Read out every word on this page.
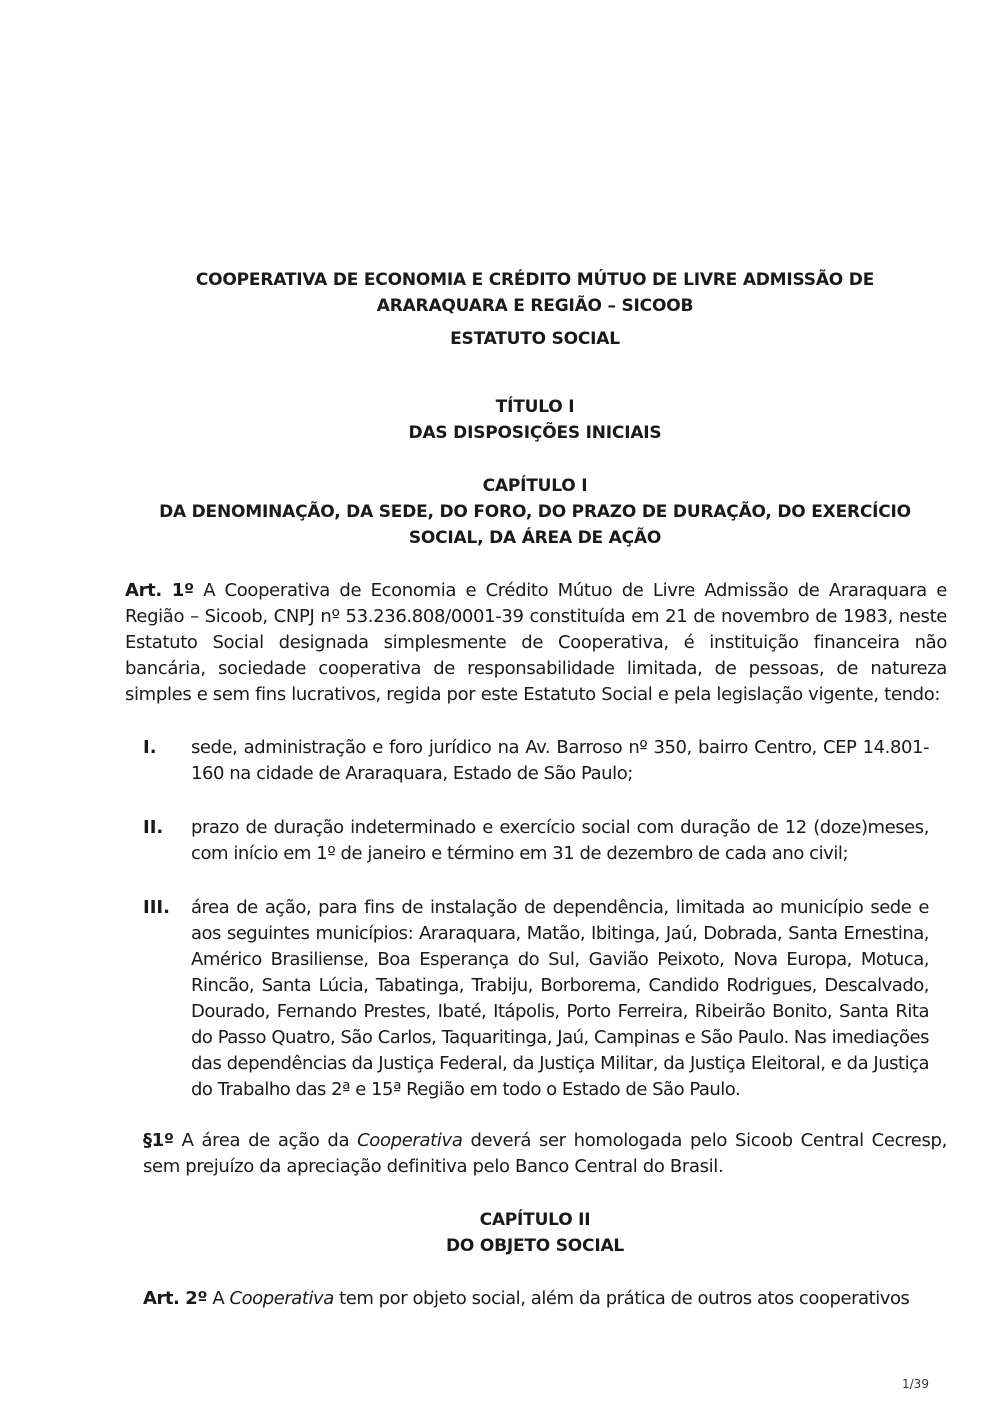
COOPERATIVA DE ECONOMIA E CRÉDITO MÚTUO DE LIVRE ADMISSÃO DE
ARARAQUARA E REGIÃO – SICOOB
ESTATUTO SOCIAL
TÍTULO I
DAS DISPOSIÇÕES INICIAIS
CAPÍTULO I
DA DENOMINAÇÃO, DA SEDE, DO FORO, DO PRAZO DE DURAÇÃO, DO EXERCÍCIO
SOCIAL, DA ÁREA DE AÇÃO
Art. 1º A Cooperativa de Economia e Crédito Mútuo de Livre Admissão de Araraquara e Região – Sicoob, CNPJ nº 53.236.808/0001-39 constituída em 21 de novembro de 1983, neste Estatuto Social designada simplesmente de Cooperativa, é instituição financeira não bancária, sociedade cooperativa de responsabilidade limitada, de pessoas, de natureza simples e sem fins lucrativos, regida por este Estatuto Social e pela legislação vigente, tendo:
I. sede, administração e foro jurídico na Av. Barroso nº 350, bairro Centro, CEP 14.801-160 na cidade de Araraquara, Estado de São Paulo;
II. prazo de duração indeterminado e exercício social com duração de 12 (doze)meses, com início em 1º de janeiro e término em 31 de dezembro de cada ano civil;
III. área de ação, para fins de instalação de dependência, limitada ao município sede e aos seguintes municípios: Araraquara, Matão, Ibitinga, Jaú, Dobrada, Santa Ernestina, Américo Brasiliense, Boa Esperança do Sul, Gavião Peixoto, Nova Europa, Motuca, Rincão, Santa Lúcia, Tabatinga, Trabiju, Borborema, Candido Rodrigues, Descalvado, Dourado, Fernando Prestes, Ibaté, Itápolis, Porto Ferreira, Ribeirão Bonito, Santa Rita do Passo Quatro, São Carlos, Taquaritinga, Jaú, Campinas e São Paulo. Nas imediações das dependências da Justiça Federal, da Justiça Militar, da Justiça Eleitoral, e da Justiça do Trabalho das 2ª e 15ª Região em todo o Estado de São Paulo.
§1º A área de ação da Cooperativa deverá ser homologada pelo Sicoob Central Cecresp, sem prejuízo da apreciação definitiva pelo Banco Central do Brasil.
CAPÍTULO II
DO OBJETO SOCIAL
Art. 2º A Cooperativa tem por objeto social, além da prática de outros atos cooperativos
1/39
